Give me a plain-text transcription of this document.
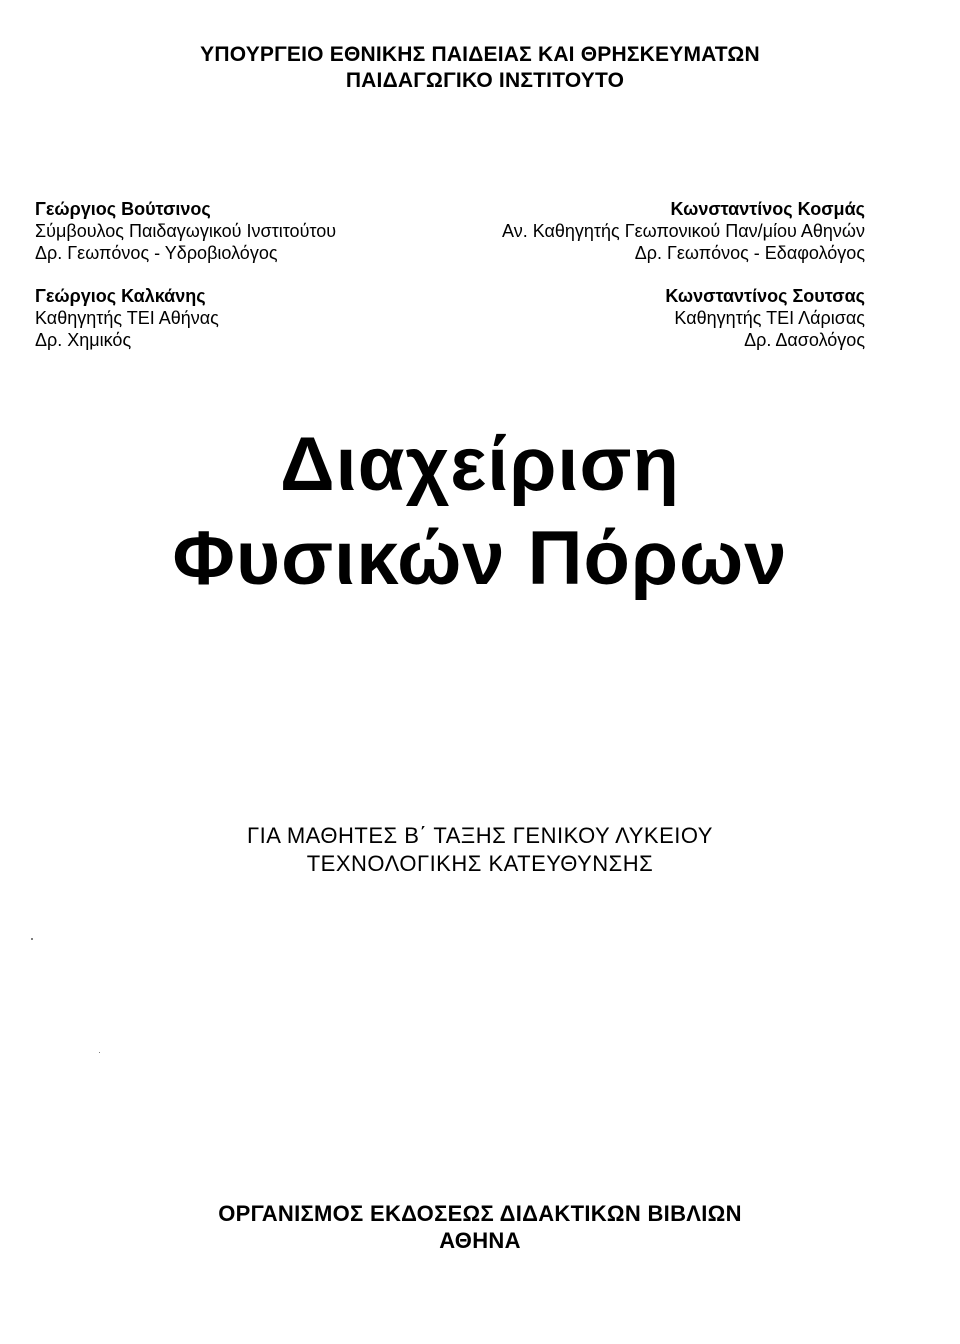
ΥΠΟΥΡΓΕΙΟ ΕΘΝΙΚΗΣ ΠΑΙΔΕΙΑΣ ΚΑΙ ΘΡΗΣΚΕΥΜΑΤΩΝ
ΠΑΙΔΑΓΩΓΙΚΟ ΙΝΣΤΙΤΟΥΤΟ
Γεώργιος Βούτσινος
Σύμβουλος Παιδαγωγικού Ινστιτούτου
Δρ. Γεωπόνος - Υδροβιολόγος
Γεώργιος Καλκάνης
Καθηγητής ΤΕΙ Αθήνας
Δρ. Χημικός
Κωνσταντίνος Κοσμάς
Αν. Καθηγητής Γεωπονικού Παν/μίου Αθηνών
Δρ. Γεωπόνος - Εδαφολόγος
Κωνσταντίνος Σουτσας
Καθηγητής ΤΕΙ Λάρισας
Δρ. Δασολόγος
Διαχείριση
Φυσικών Πόρων
ΓΙΑ ΜΑΘΗΤΕΣ Β΄ ΤΑΞΗΣ ΓΕΝΙΚΟΥ ΛΥΚΕΙΟΥ
ΤΕΧΝΟΛΟΓΙΚΗΣ ΚΑΤΕΥΘΥΝΣΗΣ
ΟΡΓΑΝΙΣΜΟΣ ΕΚΔΟΣΕΩΣ ΔΙΔΑΚΤΙΚΩΝ ΒΙΒΛΙΩΝ
ΑΘΗΝΑ
